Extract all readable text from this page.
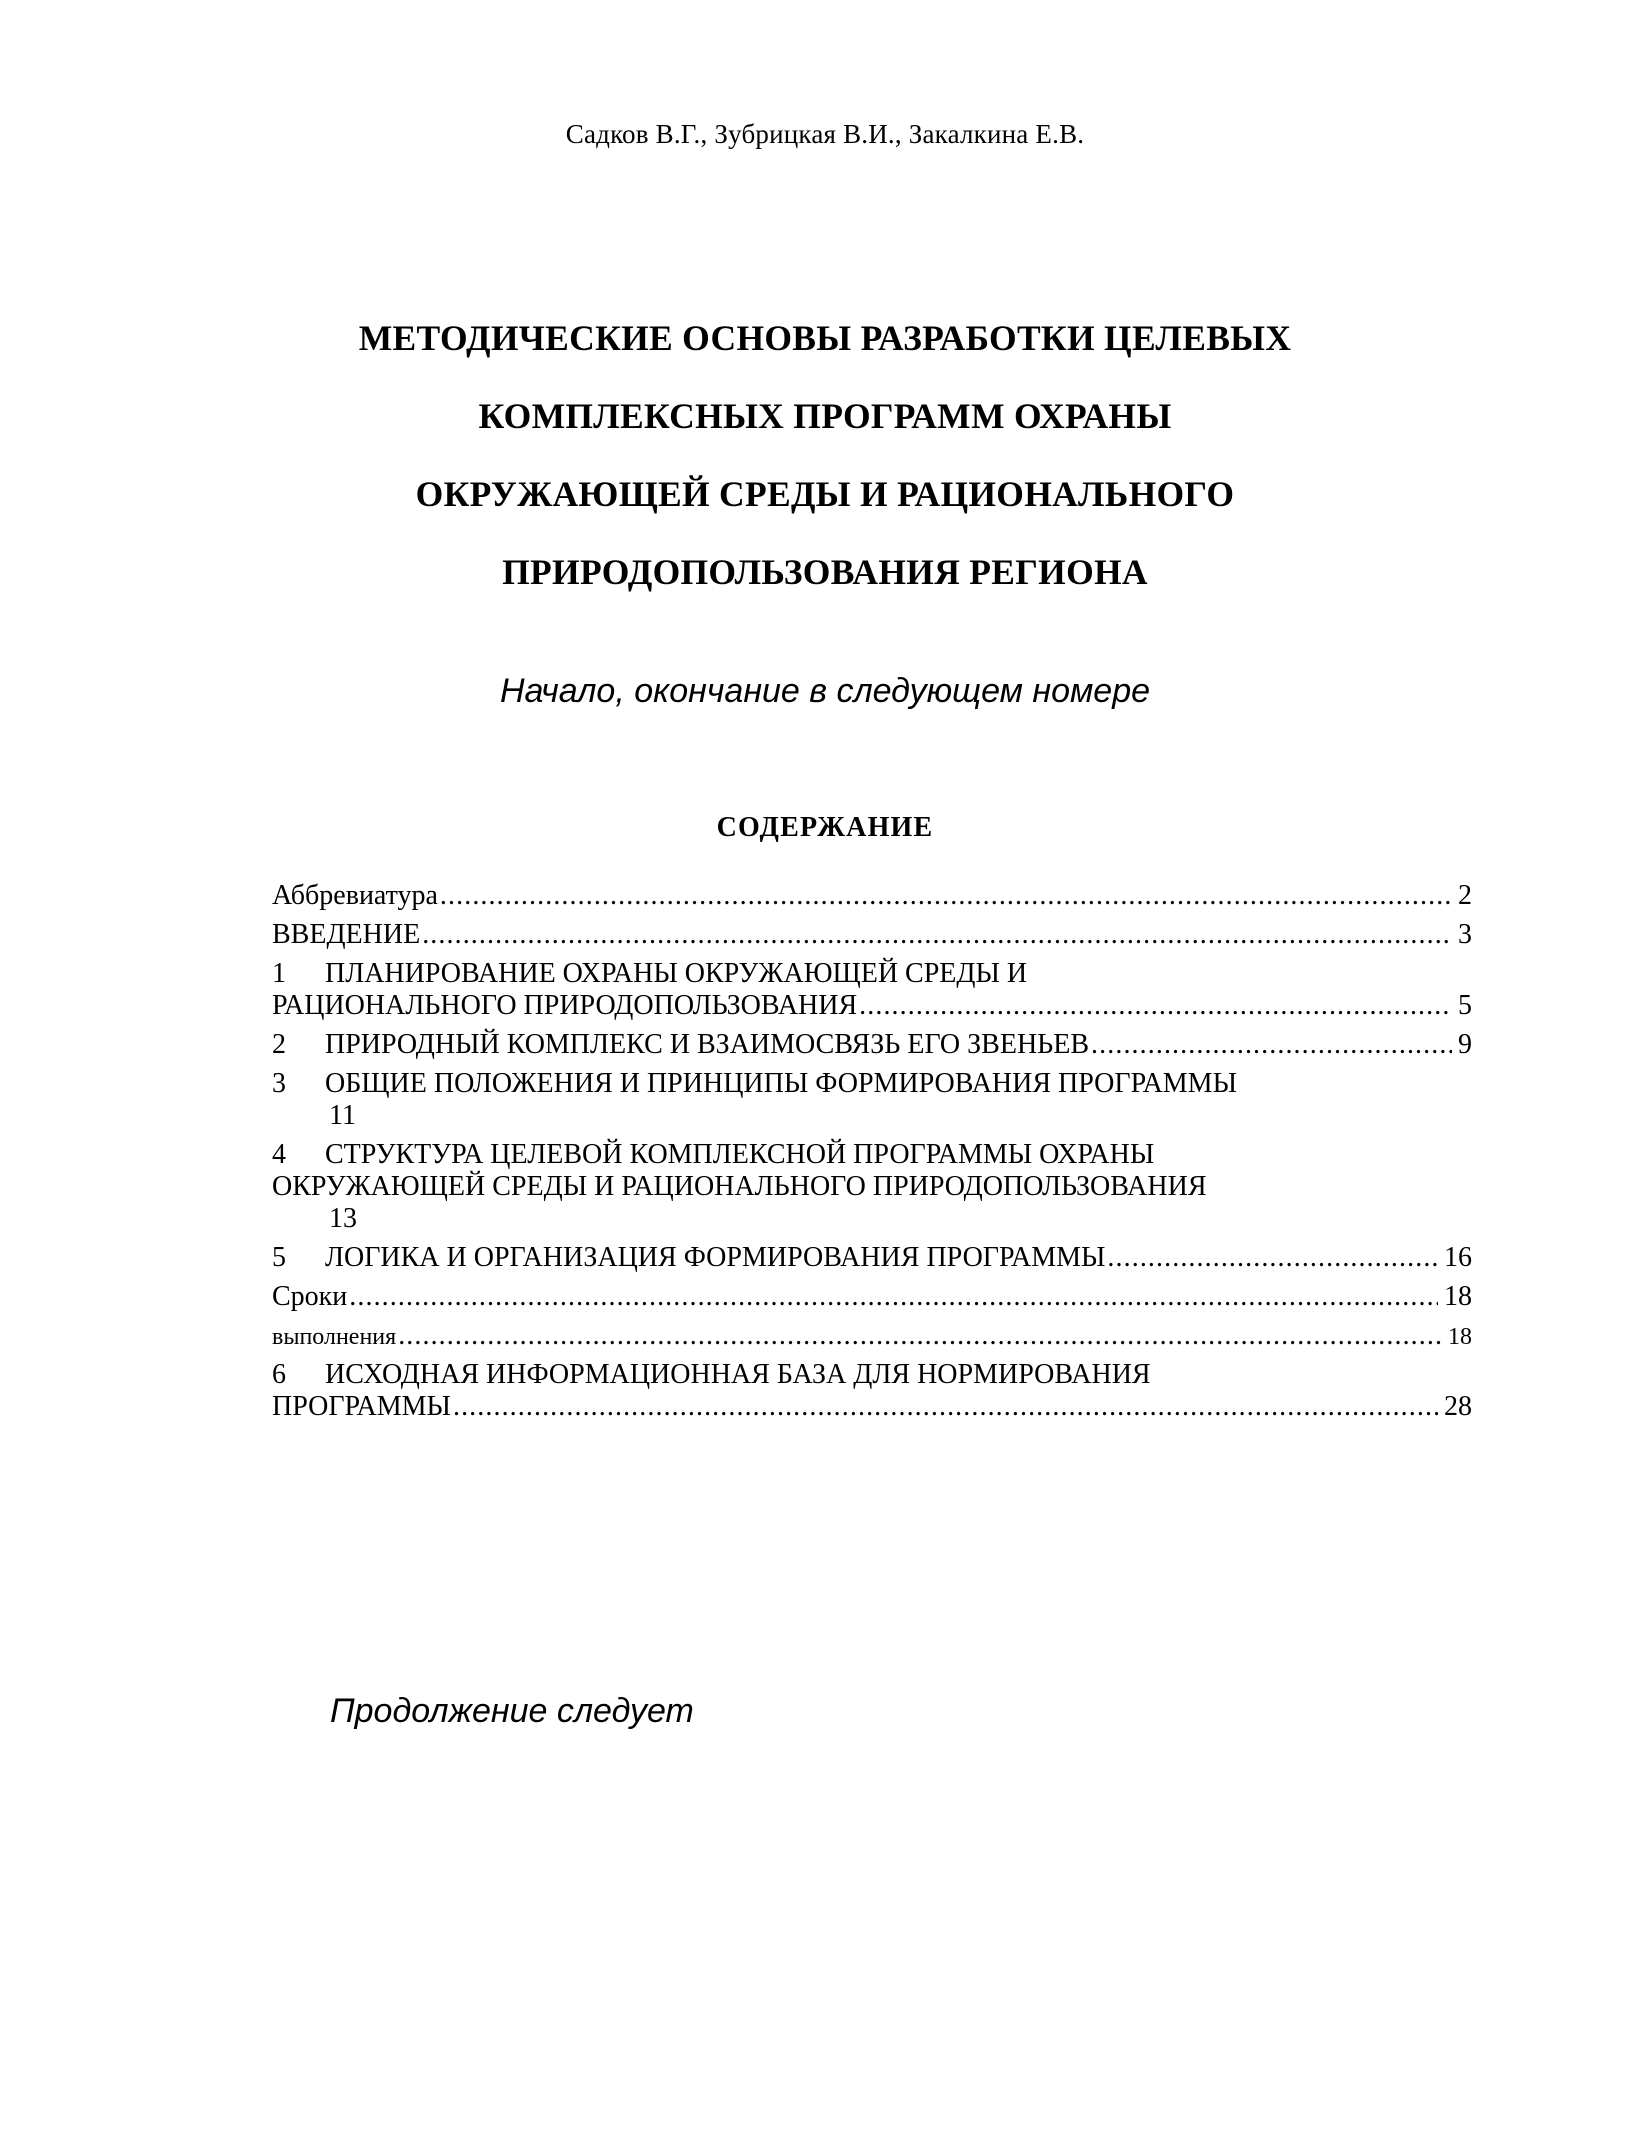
Садков В.Г., Зубрицкая В.И., Закалкина Е.В.
МЕТОДИЧЕСКИЕ ОСНОВЫ РАЗРАБОТКИ ЦЕЛЕВЫХ
КОМПЛЕКСНЫХ ПРОГРАММ ОХРАНЫ
ОКРУЖАЮЩЕЙ СРЕДЫ И РАЦИОНАЛЬНОГО
ПРИРОДОПОЛЬЗОВАНИЯ РЕГИОНА
Начало, окончание в следующем номере
СОДЕРЖАНИЕ
Аббревиатура .....	2
ВВЕДЕНИЕ .....	3
1	ПЛАНИРОВАНИЕ ОХРАНЫ ОКРУЖАЮЩЕЙ СРЕДЫ И
РАЦИОНАЛЬНОГО ПРИРОДОПОЛЬЗОВАНИЯ .....	5
2	ПРИРОДНЫЙ КОМПЛЕКС И ВЗАИМОСВЯЗЬ ЕГО ЗВЕНЬЕВ .....	9
3	ОБЩИЕ ПОЛОЖЕНИЯ И ПРИНЦИПЫ ФОРМИРОВАНИЯ ПРОГРАММЫ
11
4	СТРУКТУРА ЦЕЛЕВОЙ КОМПЛЕКСНОЙ ПРОГРАММЫ ОХРАНЫ
ОКРУЖАЮЩЕЙ СРЕДЫ И РАЦИОНАЛЬНОГО ПРИРОДОПОЛЬЗОВАНИЯ
13
5	ЛОГИКА И ОРГАНИЗАЦИЯ ФОРМИРОВАНИЯ ПРОГРАММЫ .....	16
Сроки .....	18
выполнения .....	18
6	ИСХОДНАЯ ИНФОРМАЦИОННАЯ БАЗА ДЛЯ НОРМИРОВАНИЯ
ПРОГРАММЫ .....	28
Продолжение следует
